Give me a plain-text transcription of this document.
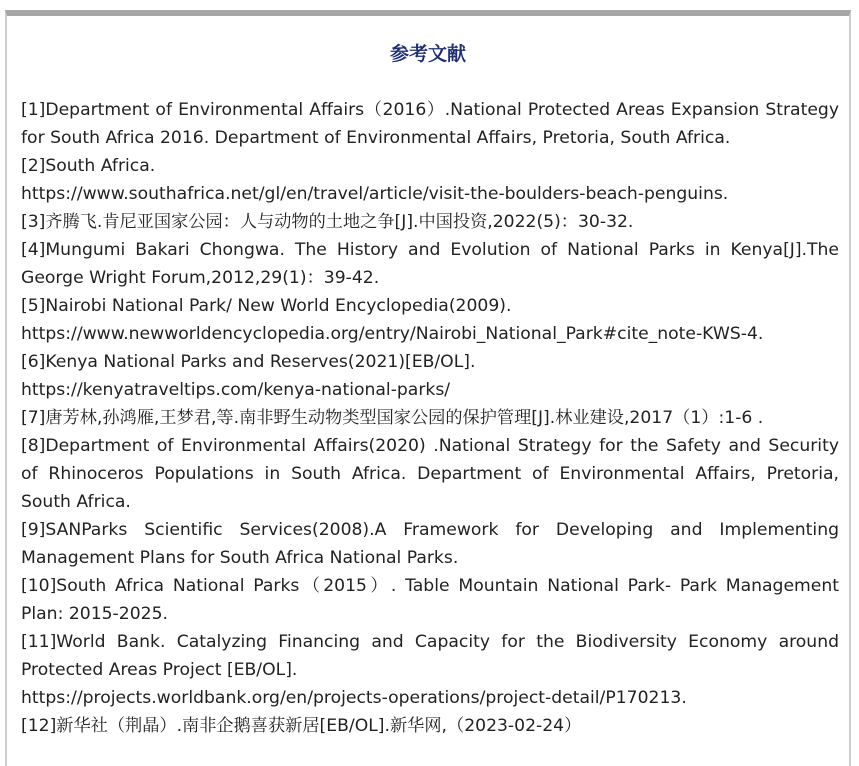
参考文献

[1]Department of Environmental Affairs（2016）.National Protected Areas Expansion Strategy for South Africa 2016. Department of Environmental Affairs, Pretoria, South Africa.

[2]South Africa.
https://www.southafrica.net/gl/en/travel/article/visit-the-boulders-beach-penguins.

[3]齐腾飞.肯尼亚国家公园：人与动物的土地之争[J].中国投资,2022(5)：30-32.

[4]Mungumi Bakari Chongwa. The History and Evolution of National Parks in Kenya[J].The George Wright Forum,2012,29(1)：39-42.

[5]Nairobi National Park/ New World Encyclopedia(2009).
https://www.newworldencyclopedia.org/entry/Nairobi_National_Park#cite_note-KWS-4.

[6]Kenya National Parks and Reserves(2021)[EB/OL].
https://kenyatraveltips.com/kenya-national-parks/

[7]唐芳林,孙鸿雁,王梦君,等.南非野生动物类型国家公园的保护管理[J].林业建设,2017（1）:1-6 .

[8]Department of Environmental Affairs(2020) .National Strategy for the Safety and Security of Rhinoceros Populations in South Africa. Department of Environmental Affairs, Pretoria, South Africa.

[9]SANParks Scientific Services(2008).A Framework for Developing and Implementing Management Plans for South Africa National Parks.

[10]South Africa National Parks（2015）. Table Mountain National Park- Park Management Plan: 2015-2025.

[11]World Bank. Catalyzing Financing and Capacity for the Biodiversity Economy around Protected Areas Project [EB/OL].
https://projects.worldbank.org/en/projects-operations/project-detail/P170213.

[12]新华社（荆晶）.南非企鹅喜获新居[EB/OL].新华网,（2023-02-24）
